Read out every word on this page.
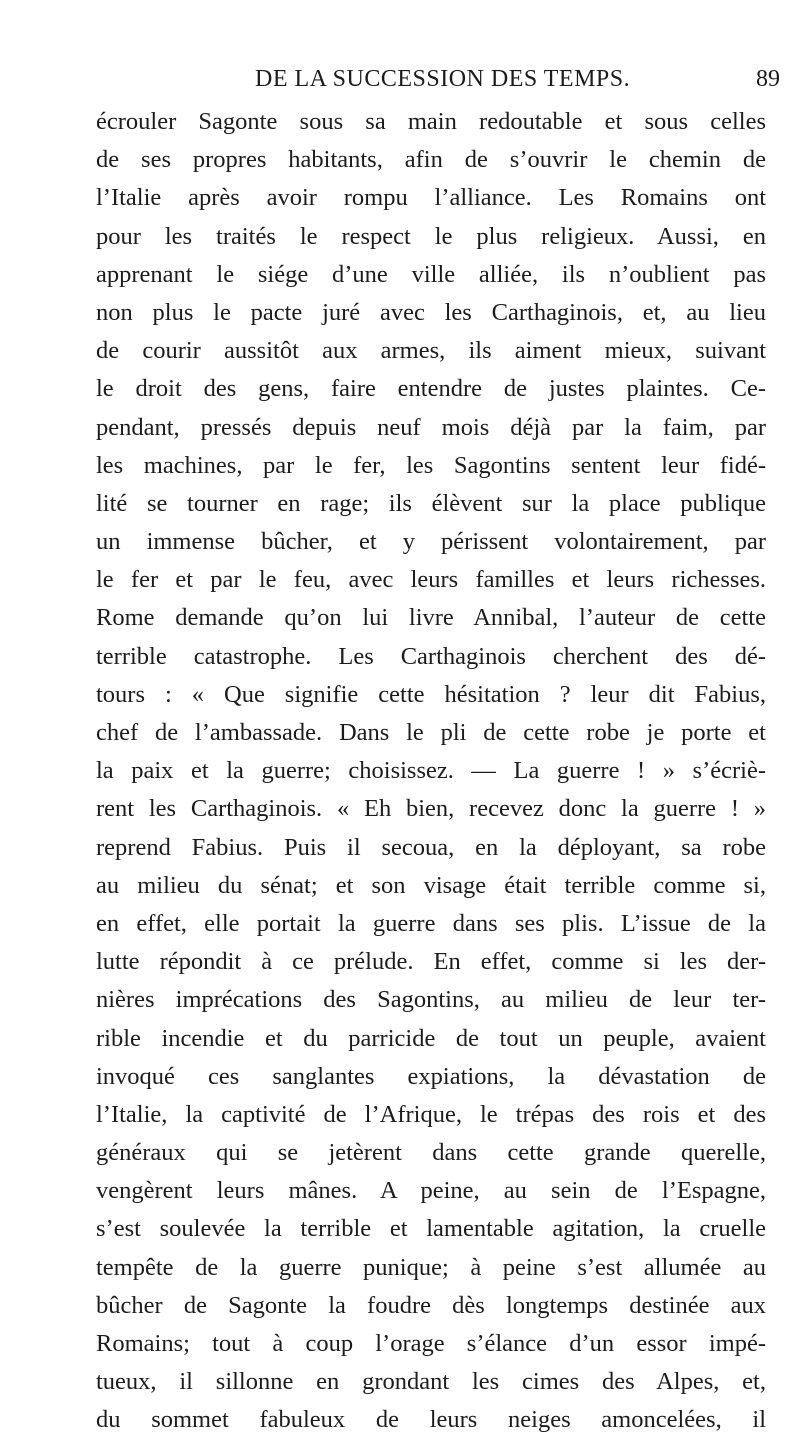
DE LA SUCCESSION DES TEMPS.	89
écrouler Sagonte sous sa main redoutable et sous celles
de ses propres habitants, afin de s’ouvrir le chemin de
l’Italie après avoir rompu l’alliance. Les Romains ont
pour les traités le respect le plus religieux. Aussi, en
apprenant le siége d’une ville alliée, ils n’oublient pas
non plus le pacte juré avec les Carthaginois, et, au lieu
de courir aussitôt aux armes, ils aiment mieux, suivant
le droit des gens, faire entendre de justes plaintes. Ce-
pendant, pressés depuis neuf mois déjà par la faim, par
les machines, par le fer, les Sagontins sentent leur fidé-
lité se tourner en rage; ils élèvent sur la place publique
un immense bûcher, et y périssent volontairement, par
le fer et par le feu, avec leurs familles et leurs richesses.
Rome demande qu’on lui livre Annibal, l’auteur de cette
terrible catastrophe. Les Carthaginois cherchent des dé-
tours : « Que signifie cette hésitation ? leur dit Fabius,
chef de l’ambassade. Dans le pli de cette robe je porte et
la paix et la guerre; choisissez. — La guerre ! » s’écriè-
rent les Carthaginois. « Eh bien, recevez donc la guerre ! »
reprend Fabius. Puis il secoua, en la déployant, sa robe
au milieu du sénat; et son visage était terrible comme si,
en effet, elle portait la guerre dans ses plis. L’issue de la
lutte répondit à ce prélude. En effet, comme si les der-
nières imprécations des Sagontins, au milieu de leur ter-
rible incendie et du parricide de tout un peuple, avaient
invoqué ces sanglantes expiations, la dévastation de
l’Italie, la captivité de l’Afrique, le trépas des rois et des
généraux qui se jetèrent dans cette grande querelle,
vengèrent leurs mânes. A peine, au sein de l’Espagne,
s’est soulevée la terrible et lamentable agitation, la cruelle
tempête de la guerre punique; à peine s’est allumée au
bûcher de Sagonte la foudre dès longtemps destinée aux
Romains; tout à coup l’orage s’élance d’un essor impé-
tueux, il sillonne en grondant les cimes des Alpes, et,
du sommet fabuleux de leurs neiges amoncelées, il
